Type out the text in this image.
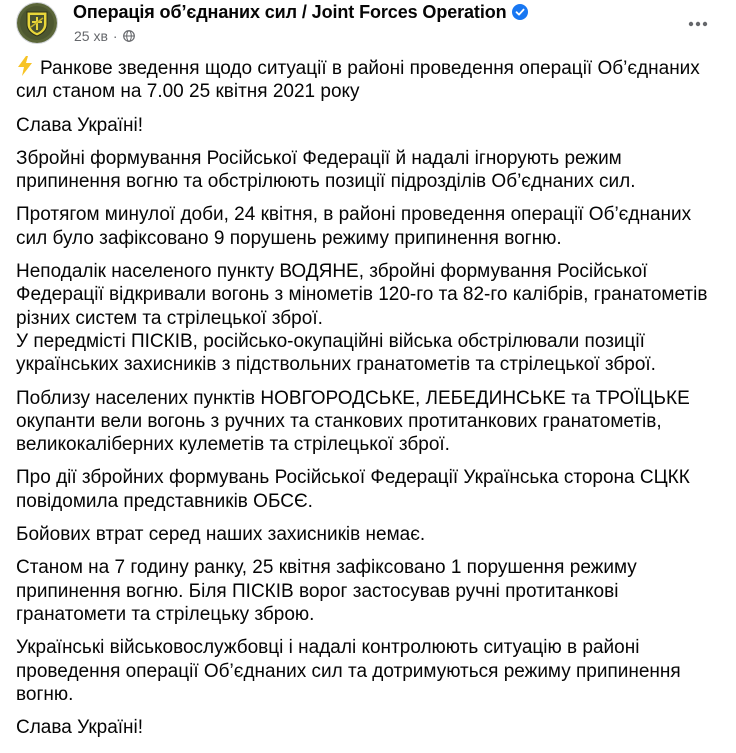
Операція об’єднаних сил / Joint Forces Operation
25 хв ·

Ранкове зведення щодо ситуації в районі проведення операції Об’єднаних
сил станом на 7.00 25 квітня 2021 року

Слава Україні!

Збройні формування Російської Федерації й надалі ігнорують режим
припинення вогню та обстрілюють позиції підрозділів Об’єднаних сил.

Протягом минулої доби, 24 квітня, в районі проведення операції Об’єднаних
сил було зафіксовано 9 порушень режиму припинення вогню.

Неподалік населеного пункту ВОДЯНЕ, збройні формування Російської
Федерації відкривали вогонь з мінометів 120-го та 82-го калібрів, гранатометів
різних систем та стрілецької зброї.
У передмісті ПІСКІВ, російсько-окупаційні війська обстрілювали позиції
українських захисників з підствольних гранатометів та стрілецької зброї.

Поблизу населених пунктів НОВГОРОДСЬКЕ, ЛЕБЕДИНСЬКЕ та ТРОЇЦЬКЕ
окупанти вели вогонь з ручних та станкових протитанкових гранатометів,
великокаліберних кулеметів та стрілецької зброї.

Про дії збройних формувань Російської Федерації Українська сторона СЦКК
повідомила представників ОБСЄ.

Бойових втрат серед наших захисників немає.

Станом на 7 годину ранку, 25 квітня зафіксовано 1 порушення режиму
припинення вогню. Біля ПІСКІВ ворог застосував ручні протитанкові
гранатомети та стрілецьку зброю.

Українські військовослужбовці і надалі контролюють ситуацію в районі
проведення операції Об’єднаних сил та дотримуються режиму припинення
вогню.

Слава Україні!
